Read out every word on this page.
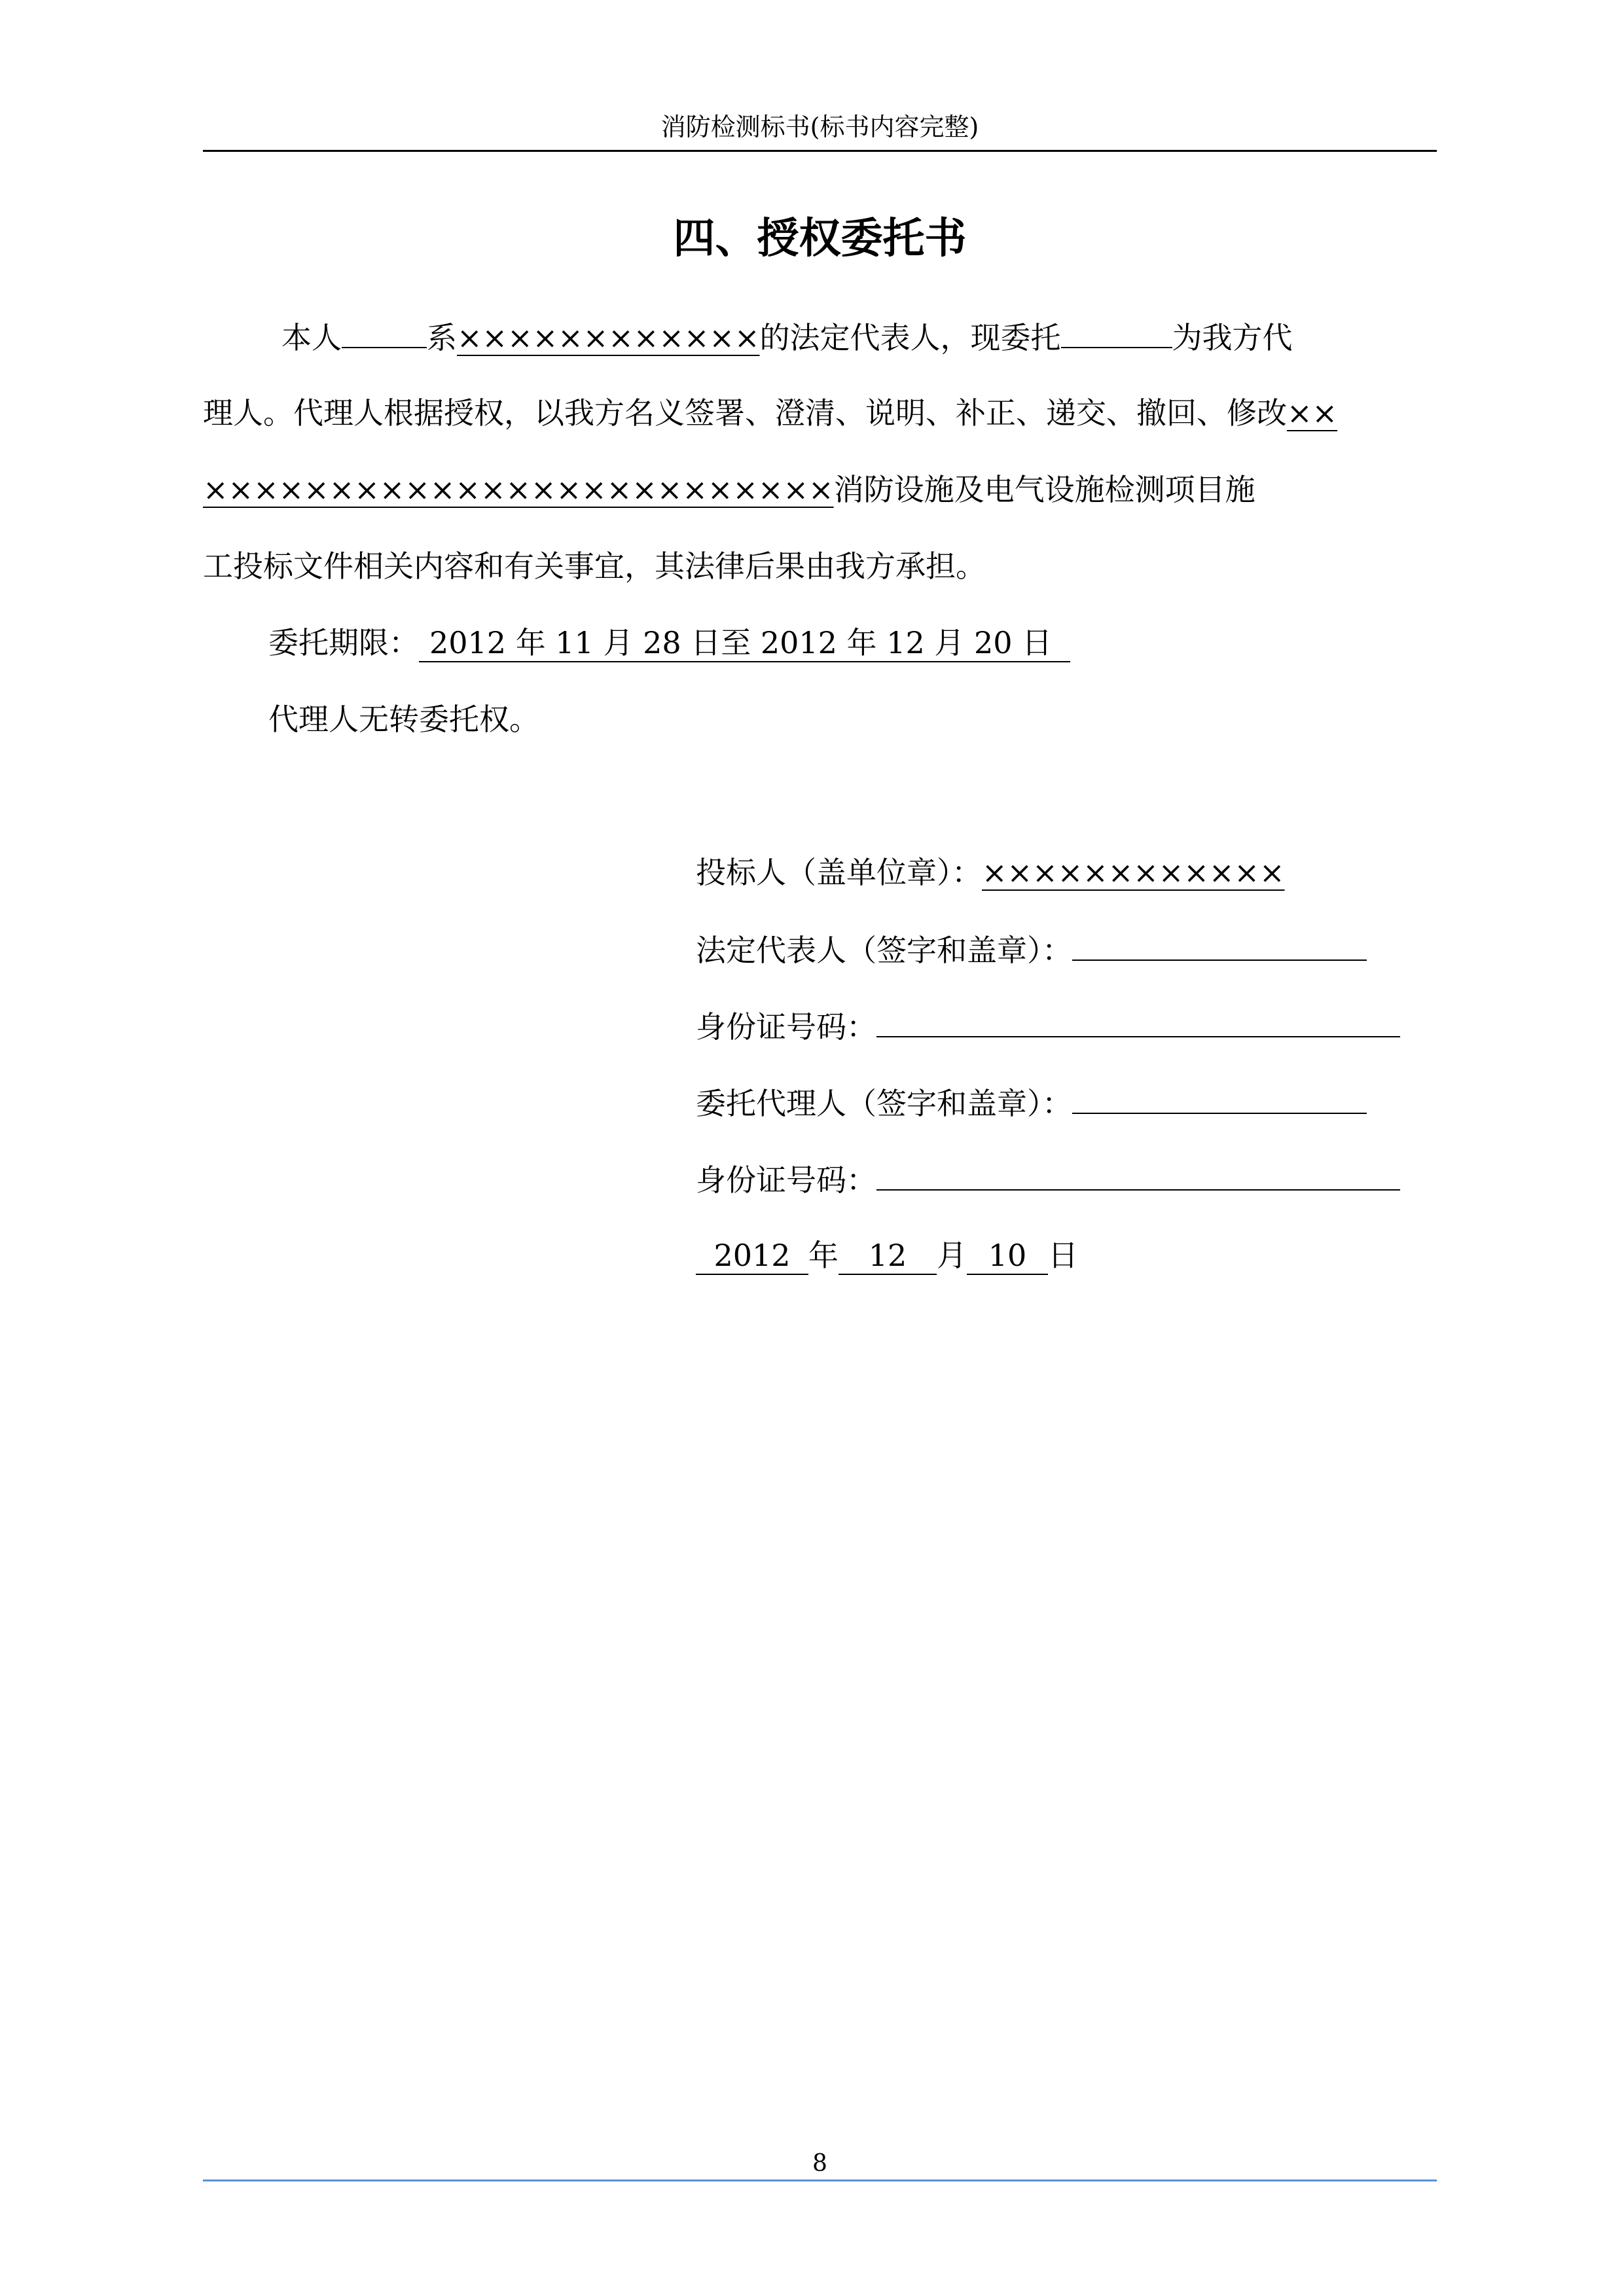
消防检测标书(标书内容完整)
四、授权委托书
本人	系××××××××××××的法定代表人，现委托	为我方代
理人。代理人根据授权，以我方名义签署、澄清、说明、补正、递交、撤回、修改××
×××××××××××××××××××××××××消防设施及电气设施检测项目施
工投标文件相关内容和有关事宜，其法律后果由我方承担。
委托期限： 2012 年 11 月 28 日至 2012 年 12 月 20 日
代理人无转委托权。
投标人（盖单位章）：××××××××××××
法定代表人（签字和盖章）：
身份证号码：
委托代理人（签字和盖章）：
身份证号码：
2012 年 12 月 10 日
8
